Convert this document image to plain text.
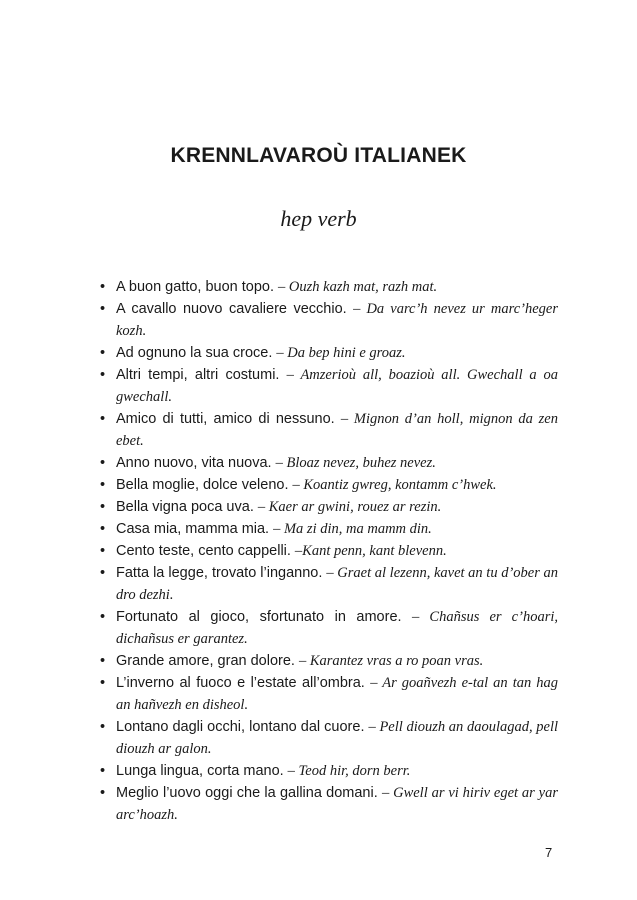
KRENNLAVAROÙ ITALIANEK
hep verb
• A buon gatto, buon topo. – Ouzh kazh mat, razh mat.
• A cavallo nuovo cavaliere vecchio. – Da varc’h nevez ur marc’heger kozh.
• Ad ognuno la sua croce. – Da bep hini e groaz.
• Altri tempi, altri costumi. – Amzerioù all, boazioù all. Gwechall a oa gwechall.
• Amico di tutti, amico di nessuno. – Mignon d’an holl, mignon da zen ebet.
• Anno nuovo, vita nuova. – Bloaz nevez, buhez nevez.
• Bella moglie, dolce veleno. – Koantiz gwreg, kontamm c’hwek.
• Bella vigna poca uva. – Kaer ar gwini, rouez ar rezin.
• Casa mia, mamma mia. – Ma zi din, ma mamm din.
• Cento teste, cento cappelli. –Kant penn, kant blevenn.
• Fatta la legge, trovato l’inganno. – Graet al lezenn, kavet an tu d’ober an dro dezhi.
• Fortunato al gioco, sfortunato in amore. – Chañsus er c’hoari, dichañsus er garantez.
• Grande amore, gran dolore. – Karantez vras a ro poan vras.
• L’inverno al fuoco e l’estate all’ombra. – Ar goañvezh e-tal an tan hag an hañvezh en disheol.
• Lontano dagli occhi, lontano dal cuore. – Pell diouzh an daoulagad, pell diouzh ar galon.
• Lunga lingua, corta mano. – Teod hir, dorn berr.
• Meglio l’uovo oggi che la gallina domani. – Gwell ar vi hiriv eget ar yar arc’hoazh.
7
